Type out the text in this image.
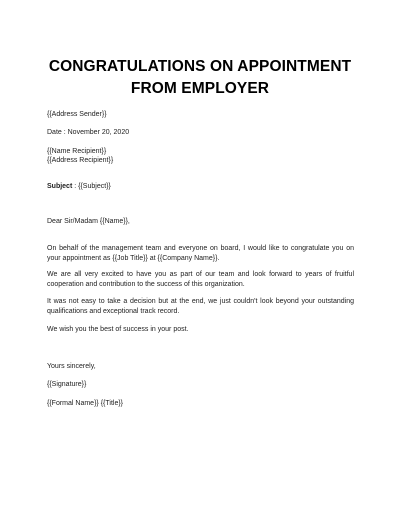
CONGRATULATIONS ON APPOINTMENT
FROM EMPLOYER
{{Address Sender}}
Date : November 20, 2020
{{Name Recipient}}
{{Address Recipient}}
Subject : {{Subject}}
Dear Sir/Madam {{Name}},
On behalf of the management team and everyone on board, I would like to congratulate you on your appointment as {{Job Title}} at {{Company Name}}.
We are all very excited to have you as part of our team and look forward to years of fruitful cooperation and contribution to the success of this organization.
It was not easy to take a decision but at the end, we just couldn't look beyond your outstanding qualifications and exceptional track record.
We wish you the best of success in your post.
Yours sincerely,
{{Signature}}
{{Formal Name}} {{Title}}
